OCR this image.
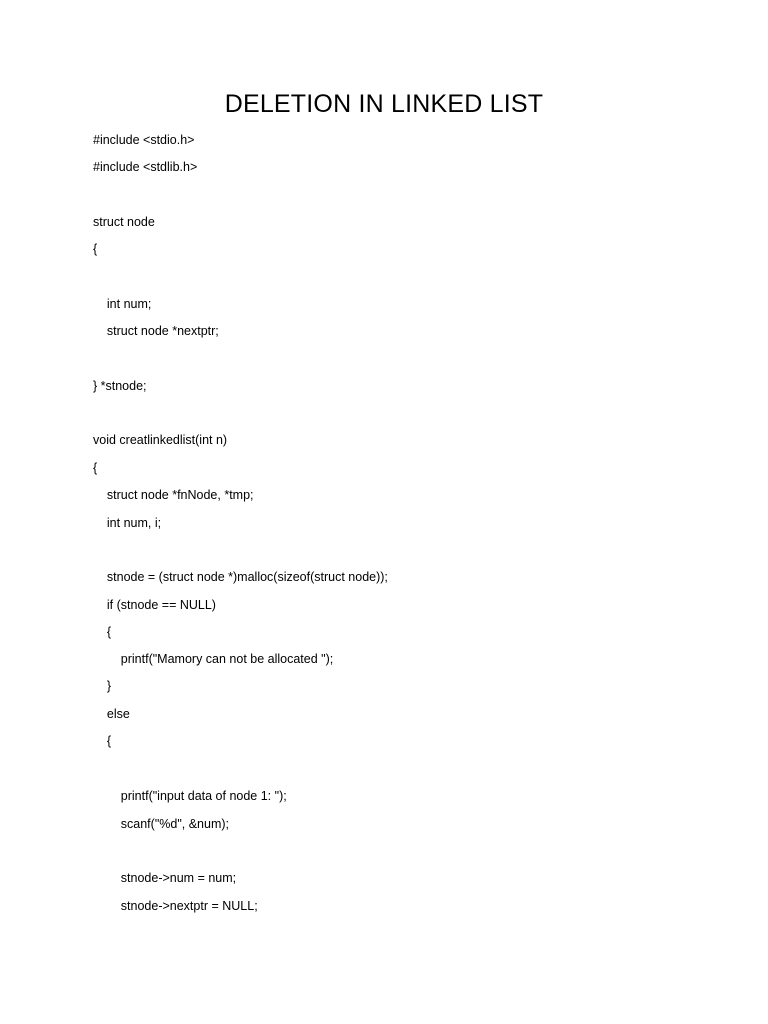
DELETION IN LINKED LIST
#include <stdio.h>
#include <stdlib.h>
struct node
{
int num;
struct node *nextptr;
} *stnode;
void creatlinkedlist(int n)
{
struct node *fnNode, *tmp;
int num, i;
stnode = (struct node *)malloc(sizeof(struct node));
if (stnode == NULL)
{
printf("Mamory can not be allocated ");
}
else
{
printf("input data of node 1: ");
scanf("%d", &num);
stnode->num = num;
stnode->nextptr = NULL;
